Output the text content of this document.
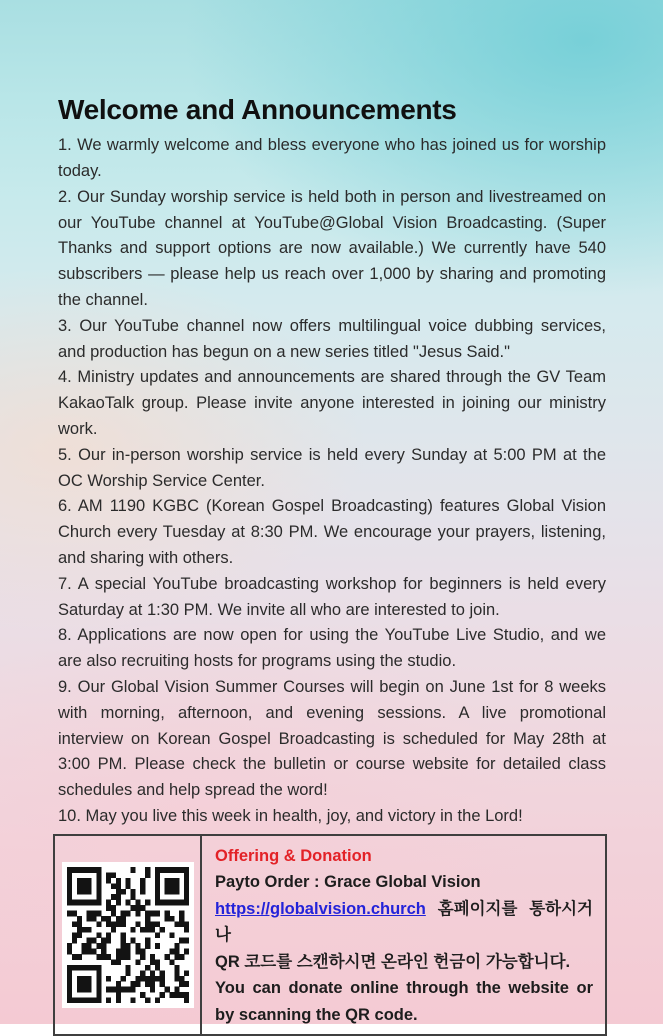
Welcome and Announcements

1. We warmly welcome and bless everyone who has joined us for worship today.

2. Our Sunday worship service is held both in person and livestreamed on our YouTube channel at YouTube@Global Vision Broadcasting. (Super Thanks and support options are now available.) We currently have 540 subscribers — please help us reach over 1,000 by sharing and promoting the channel.

3. Our YouTube channel now offers multilingual voice dubbing services, and production has begun on a new series titled "Jesus Said."

4. Ministry updates and announcements are shared through the GV Team KakaoTalk group. Please invite anyone interested in joining our ministry work.

5. Our in-person worship service is held every Sunday at 5:00 PM at the OC Worship Service Center.

6. AM 1190 KGBC (Korean Gospel Broadcasting) features Global Vision Church every Tuesday at 8:30 PM. We encourage your prayers, listening, and sharing with others.

7. A special YouTube broadcasting workshop for beginners is held every Saturday at 1:30 PM. We invite all who are interested to join.

8. Applications are now open for using the YouTube Live Studio, and we are also recruiting hosts for programs using the studio.

9. Our Global Vision Summer Courses will begin on June 1st for 8 weeks with morning, afternoon, and evening sessions. A live promotional interview on Korean Gospel Broadcasting is scheduled for May 28th at 3:00 PM. Please check the bulletin or course website for detailed class schedules and help spread the word!

10. May you live this week in health, joy, and victory in the Lord!

Offering & Donation
Payto Order : Grace Global Vision
https://globalvision.church 홈페이지를 통하시거나
QR 코드를 스캔하시면 온라인 헌금이 가능합니다.
You can donate online through the website or by scanning the QR code.
